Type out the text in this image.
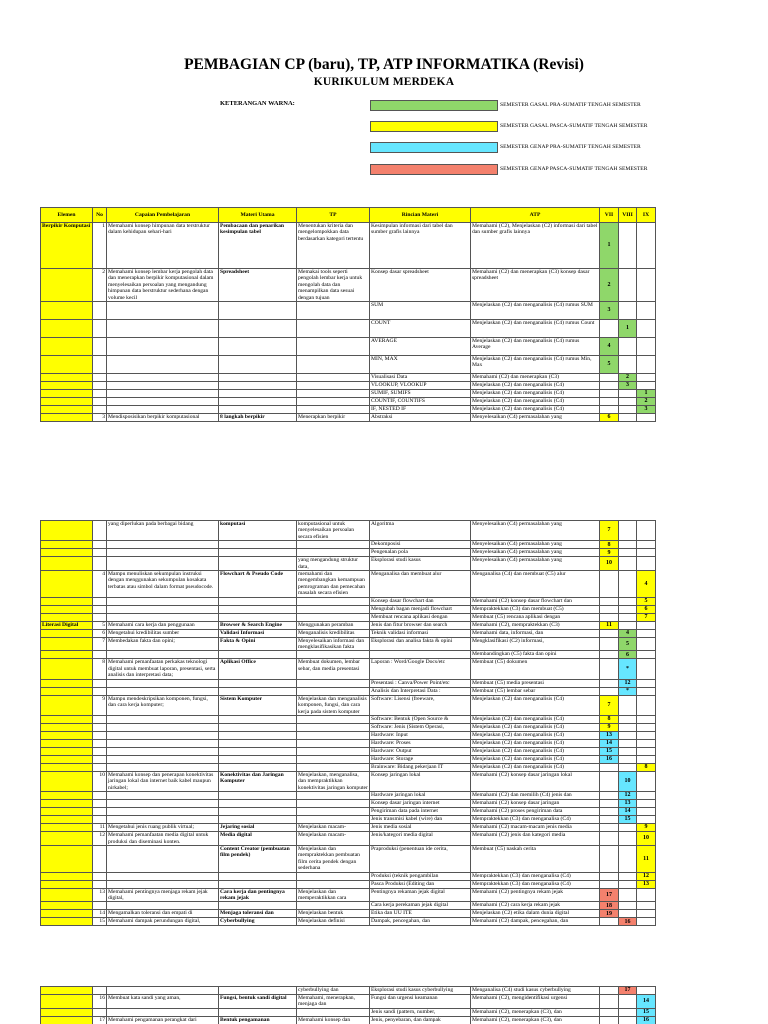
PEMBAGIAN CP (baru), TP, ATP INFORMATIKA (Revisi)
KURIKULUM MERDEKA
KETERANGAN WARNA:	SEMESTER GASAL PRA-SUMATIF TENGAH SEMESTER
SEMESTER GASAL PASCA-SUMATIF TENGAH SEMESTER
SEMESTER GENAP PRA-SUMATIF TENGAH SEMESTER
SEMESTER GENAP PASCA-SUMATIF TENGAH SEMESTER
Elemen	No	Capaian Pembelajaran	Materi Utama	TP	Rincian Materi	ATP	VII	VIII	IX
Berpikir Komputasi	1	Memahami konsep himpunan data terstruktur dalam kehidupan sehari-hari	Pembacaan dan penarikan kesimpulan tabel	Menentukan kriteria dan mengelompokkan data berdasarkan kategori tertentu	Kesimpulan informasi dari tabel dan sumber grafis lainnya	Memahami (C2), Menjelaskan (C2) informasi dari tabel dan sumber grafis lainnya	1		
	2	Memahami konsep lembar kerja pengolah data dan menerapkan berpikir komputasional dalam menyelesaikan persoalan yang mengandung himpunan data berstruktur sederhana dengan volume kecil	Spreadsheet	Memakai tools seperti pengolah lembar kerja untuk mengolah data dan menampilkan data sesuai dengan tujuan	Konsep dasar spreadsheet	Memahami (C2) dan menerapkan (C3) konsep dasar spreadsheet	2		
					SUM	Menjelaskan (C2) dan menganalisis (C4) rumus SUM	3		
					COUNT	Menjelaskan (C2) dan menganalisis (C4) rumus Count		1	
					AVERAGE	Menjelaskan (C2) dan menganalisis (C4) rumus Average	4		
					MIN, MAX	Menjelaskan (C2) dan menganalisis (C4) rumus Min, Max	5		
					Visualisasi Data	Memahami (C2) dan menerapkan (C3)		2	
					VLOOKUP, VLOOKUP	Menjelaskan (C2) dan menganalisis (C4)		3	
					SUMIF, SUMIFS	Menjelaskan (C2) dan menganalisis (C4)			1
					COUNTIF, COUNTIFS	Menjelaskan (C2) dan menganalisis (C4)			2
					IF, NESTED IF	Menjelaskan (C2) dan menganalisis (C4)			3
	3	Mendisposisikan berpikir komputasional	8 langkah berpikir	Menerapkan berpikir	Abstraksi	Menyelesaikan (C4) permasalahan yang	6		
		yang diperlukan pada berbagai bidang	komputasi	komputasional untuk menyelesaikan persoalan secara efisien	Algoritma	Menyelesaikan (C4) permasalahan yang	7		
					Dekomposisi	Menyelesaikan (C4) permasalahan yang	8		
					Pengenalan pola	Menyelesaikan (C4) permasalahan yang	9		
				yang mengandung struktur data,	Eksplorasi studi kasus	Menyelesaikan (C4) permasalahan yang	10		
	4	Mampu menuliskan sekumpulan instruksi dengan menggunakan sekumpulan kosakata terbatas atau simbol dalam format pseudocode.	Flowchart & Pseudo Code	memahami dan mengembangkan kemampuan pemrograman dan pemecahan masalah secara efisien	Menganalisa dan membuat alur	Menganalisa (C4) dan membuat (C5) alur			4
					Konsep dasar flowchart dan	Memahami (C2) konsep dasar flowchart dan			5
					Mengubah bagan menjadi flowchart	Mempraktekkan (C3) dan membuat (C5)			6
					Membuat rencana aplikasi dengan	Membuat (C5) rencana aplikasi dengan			7
Literasi Digital	5	Memahami cara kerja dan penggunaan	Browser & Search Engine	Menggunakan peramban	Jenis dan fitur browser dan search	Memahami (C2), mempraktekkan (C3)	11		
	6	Mengetahui kredibilitas sumber	Validasi Informasi	Menganalisis kredibilitas	Teknik validasi informasi	Memahami data, informasi, dan		4	
	7	Membedakan fakta dan opini;	Fakta & Opini	Menyelesaikan informasi dan mengklasifikasikan fakta	Eksplorasi dan analisa fakta & opini	Mengklasifikasi (C2) informasi,		5	
						Membandingkan (C5) fakta dan opini		6	
	8	Memahami pemanfaatan perkakas teknologi digital untuk membuat laporan, presentasi, serta analisis dan interpretasi data;	Aplikasi Office	Membuat dokumen, lembar sebar, dan media presentasi	Laporan : Word/Google Docs/etc	Membuat (C5) dokumen		*	
					Presentasi : Canva/Power Point/etc	Membuat (C5) media presentasi		12	
					Analisis dan Interpretasi Data :	Membuat (C5) lembar sebar		*	
	9	Mampu mendeskripsikan komponen, fungsi, dan cara kerja komputer;	Sistem Komputer	Menjelaskan dan menganalisis komponen, fungsi, dan cara kerja pada sistem komputer	Software: Lisensi (freeware,	Menjelaskan (C2) dan menganalisis (C4)	7		
					Software: Bentuk (Open Source &	Menjelaskan (C2) dan menganalisis (C4)	8		
					Software: Jenis (Sistem Operasi,	Menjelaskan (C2) dan menganalisis (C4)	9		
					Hardware: Input	Menjelaskan (C2) dan menganalisis (C4)	13		
					Hardware: Proses	Menjelaskan (C2) dan menganalisis (C4)	14		
					Hardware: Output	Menjelaskan (C2) dan menganalisis (C4)	15		
					Hardware: Storage	Menjelaskan (C2) dan menganalisis (C4)	16		
					Brainware: Bidang pekerjaan IT	Menjelaskan (C2) dan menganalisis (C4)			8
	10	Memahami konsep dan penerapan konektivitas jaringan lokal dan internet baik kabel maupun nirkabel;	Konektivitas dan Jaringan Komputer	Menjelaskan, menganalisa, dan mempraktikkan konektivitas jaringan komputer	Konsep jaringan lokal	Memahami (C2) konsep dasar jaringan lokal		10	
					Hardware jaringan lokal	Memahami (C2) dan memilih (C4) jenis dan		12	
					Konsep dasar jaringan internet	Memahami (C2) konsep dasar jaringan		13	
					Pengiriman data pada internet	Memahami (C2) proses pengiriman data		14	
					Jenis transmisi kabel (wire) dan	Mempraktekkan (C3) dan menganalisa (C4)		15	
	11	Mengetahui jenis ruang publik virtual;	Jejaring sosial	Menjelaskan macam-	Jenis media sosial	Memahami (C2) macam-macam jenis media			9
	12	Memahami pemanfaatan media digital untuk produksi dan diseminasi konten.	Media digital	Menjelaskan macam-	Jenis/kategori media digital	Memahami (C2) jenis dan kategori media			10
			Content Creator (pembuatan film pendek)	Menjelaskan dan mempraktekkan pembuatan film cerita pendek dengan sederhana	Praproduksi (penentuan ide cerita,	Membuat (C5) naskah cerita			11
					Produksi (teknik pengambilan	Mempraktekkan (C3) dan menganalisa (C4)			12
					Pasca Produksi (Editing dan	Mempraktekkan (C3) dan menganalisa (C4)			13
	13	Memahami pentingnya menjaga rekam jejak digital,	Cara kerja dan pentingnya rekam jejak	Menjelaskan dan memperaktikkan cara	Pentingnya rekaman jejak digital	Memahami (C2) pentingnya rekam jejak	17		
					Cara kerja perekaman jejak digital	Memahami (C2) cara kerja rekam jejak	18		
	14	Mengamalkan toleransi dan empati di	Menjaga toleransi dan	Menjelaskan bentuk	Etika dan UU ITE	Menjelaskan (C2) etika dalam dunia digital	19		
	15	Memahami dampak perundungan digital,	Cyberbullying	Menjelaskan definisi	Dampak, pencegahan, dan	Memahami (C2) dampak, pencegahan, dan		16	
				cyberbullying dan	Eksplorasi studi kasus cyberbullying	Menganalisa (C4) studi kasus cyberbullying		17	
	16	Membuat kata sandi yang aman,	Fungsi, bentuk sandi digital	Memahami, menerapkan, menjaga dan	Fungsi dan urgensi keamanan	Memahami (C2), mengidentifikasi urgensi			14
					Jenis sandi (pattern, number,	Memahami (C2), menerapkan (C3), dan			15
	17	Memahami pengamanan perangkat dari	Bentuk pengamanan	Memahami konsep dan	Jenis, penyebaran, dan dampak	Memahami (C2), menerapkan (C3), dan			16
